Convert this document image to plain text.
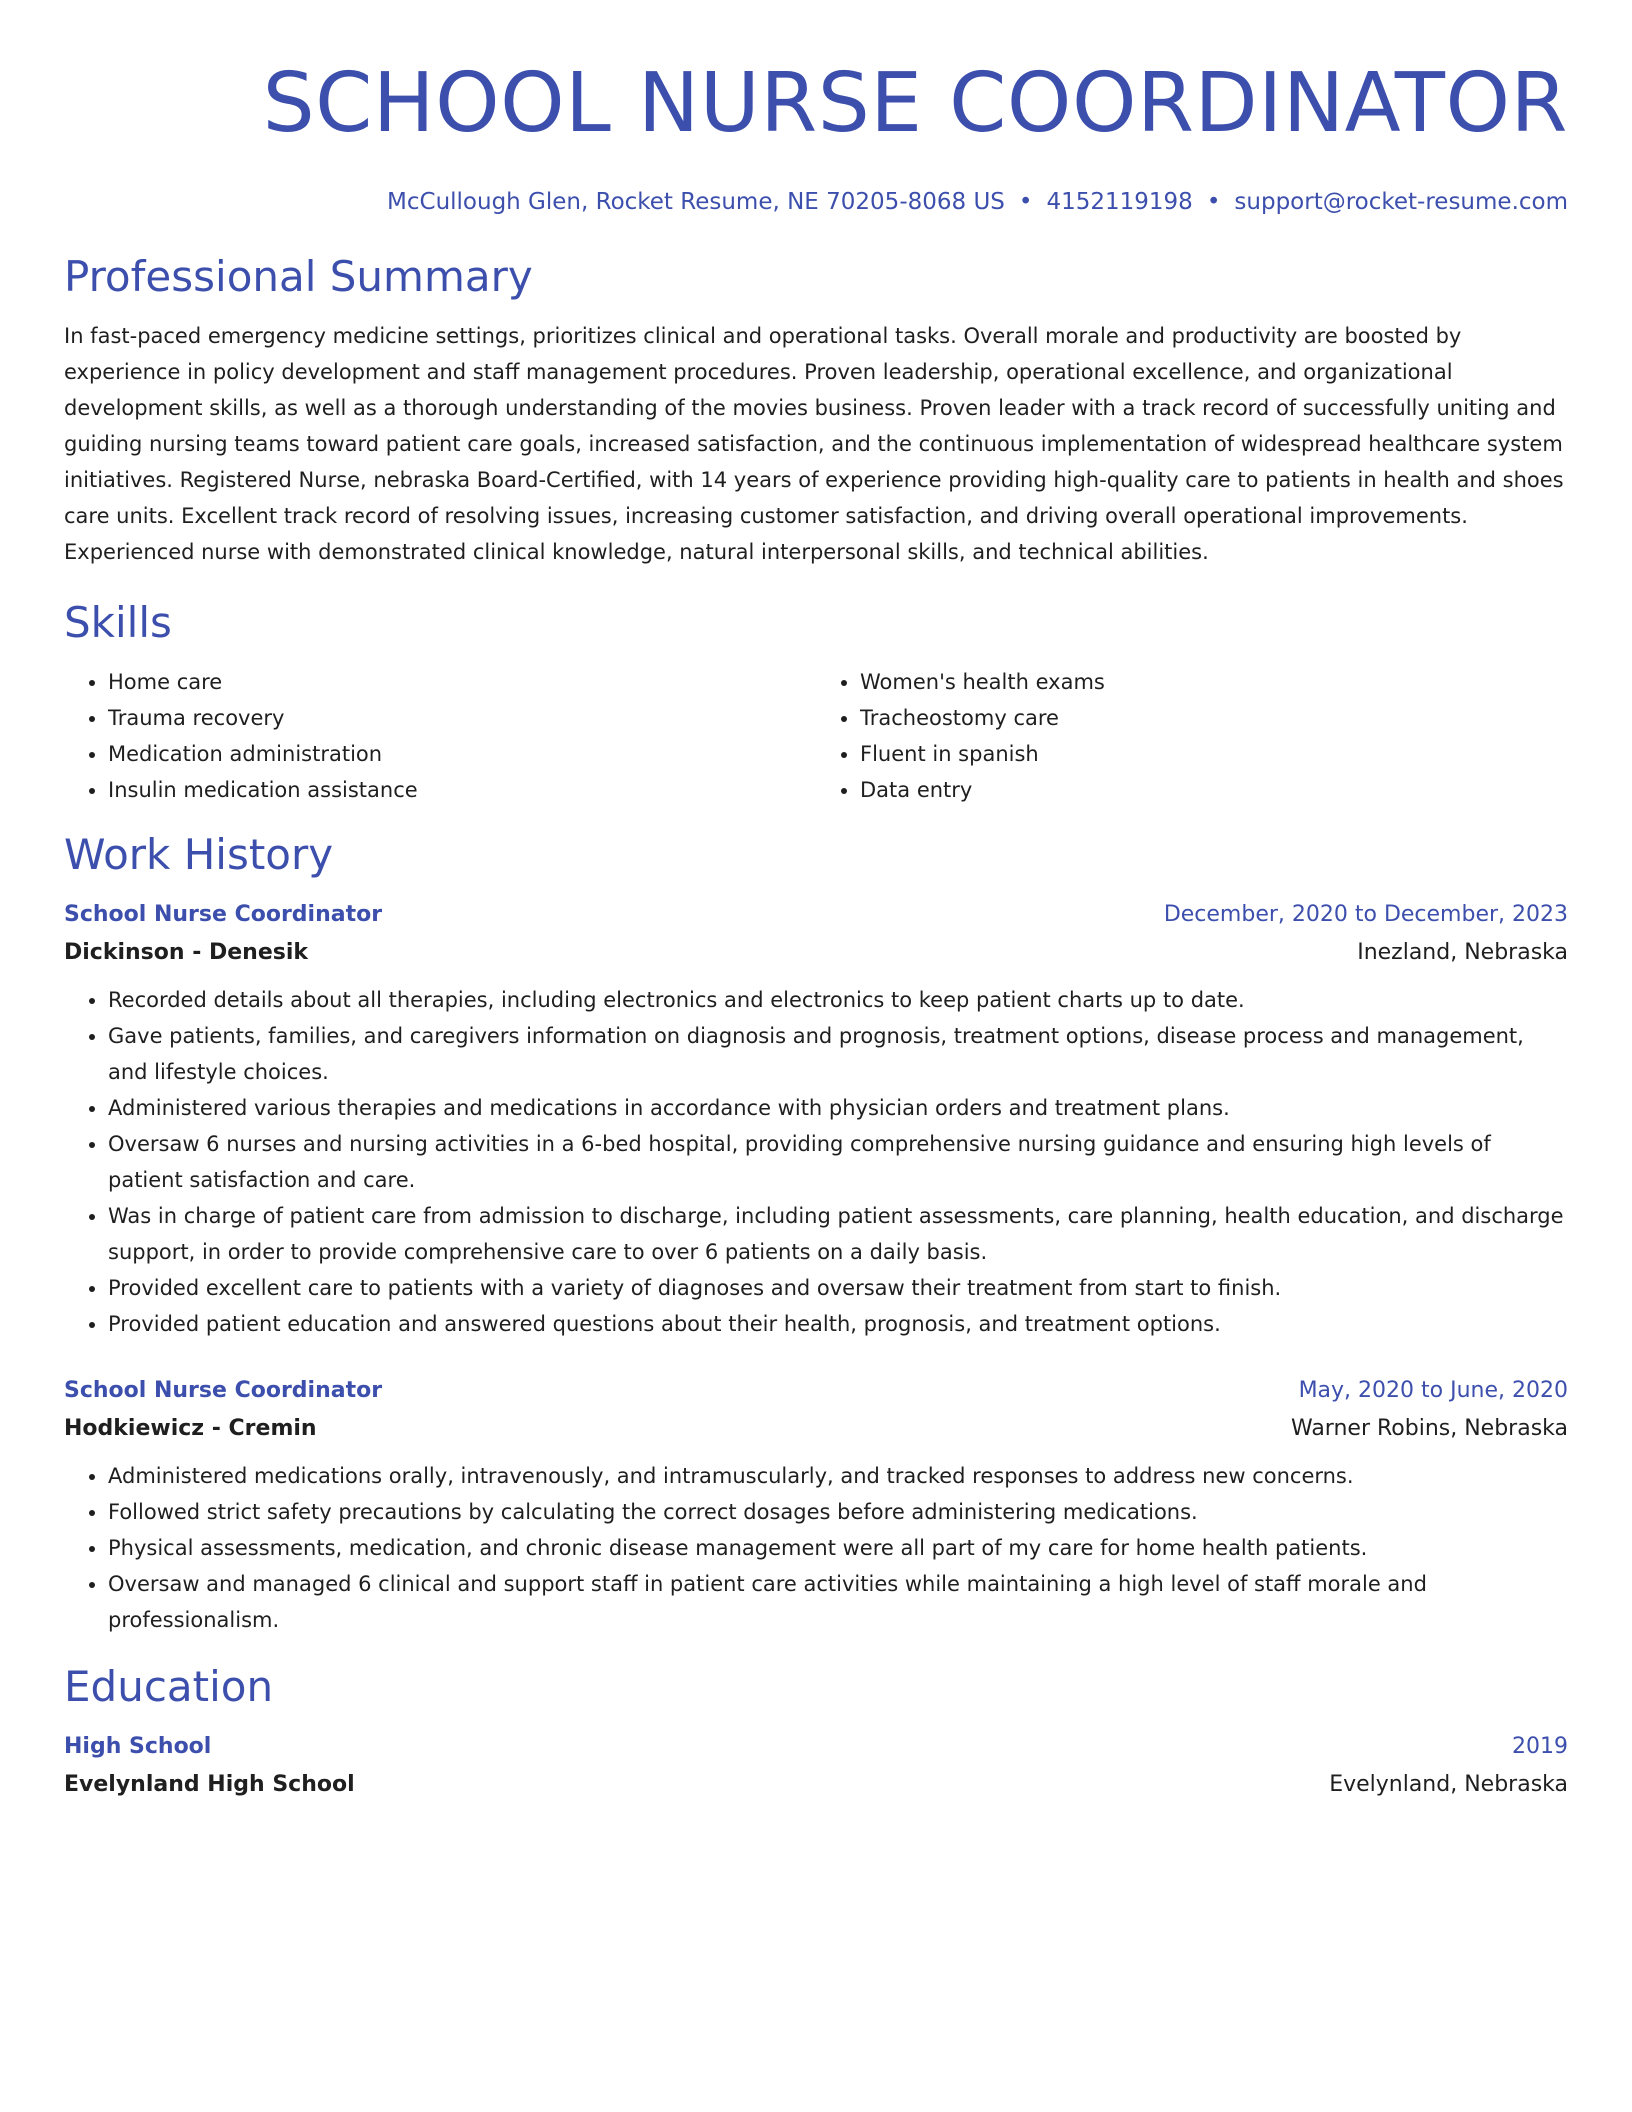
SCHOOL NURSE COORDINATOR
McCullough Glen, Rocket Resume, NE 70205-8068 US • 4152119198 • support@rocket-resume.com
Professional Summary

In fast-paced emergency medicine settings, prioritizes clinical and operational tasks. Overall morale and productivity are boosted by experience in policy development and staff management procedures. Proven leadership, operational excellence, and organizational development skills, as well as a thorough understanding of the movies business. Proven leader with a track record of successfully uniting and guiding nursing teams toward patient care goals, increased satisfaction, and the continuous implementation of widespread healthcare system initiatives. Registered Nurse, nebraska Board-Certified, with 14 years of experience providing high-quality care to patients in health and shoes care units. Excellent track record of resolving issues, increasing customer satisfaction, and driving overall operational improvements. Experienced nurse with demonstrated clinical knowledge, natural interpersonal skills, and technical abilities.

Skills
• Home care
• Trauma recovery
• Medication administration
• Insulin medication assistance
• Women's health exams
• Tracheostomy care
• Fluent in spanish
• Data entry
Work History
School Nurse Coordinator	December, 2020 to December, 2023
Dickinson - Denesik	Inezland, Nebraska
• Recorded details about all therapies, including electronics and electronics to keep patient charts up to date.
• Gave patients, families, and caregivers information on diagnosis and prognosis, treatment options, disease process and management, and lifestyle choices.
• Administered various therapies and medications in accordance with physician orders and treatment plans.
• Oversaw 6 nurses and nursing activities in a 6-bed hospital, providing comprehensive nursing guidance and ensuring high levels of patient satisfaction and care.
• Was in charge of patient care from admission to discharge, including patient assessments, care planning, health education, and discharge support, in order to provide comprehensive care to over 6 patients on a daily basis.
• Provided excellent care to patients with a variety of diagnoses and oversaw their treatment from start to finish.
• Provided patient education and answered questions about their health, prognosis, and treatment options.
School Nurse Coordinator	May, 2020 to June, 2020
Hodkiewicz - Cremin	Warner Robins, Nebraska
• Administered medications orally, intravenously, and intramuscularly, and tracked responses to address new concerns.
• Followed strict safety precautions by calculating the correct dosages before administering medications.
• Physical assessments, medication, and chronic disease management were all part of my care for home health patients.
• Oversaw and managed 6 clinical and support staff in patient care activities while maintaining a high level of staff morale and professionalism.
Education
High School	2019
Evelynland High School	Evelynland, Nebraska
